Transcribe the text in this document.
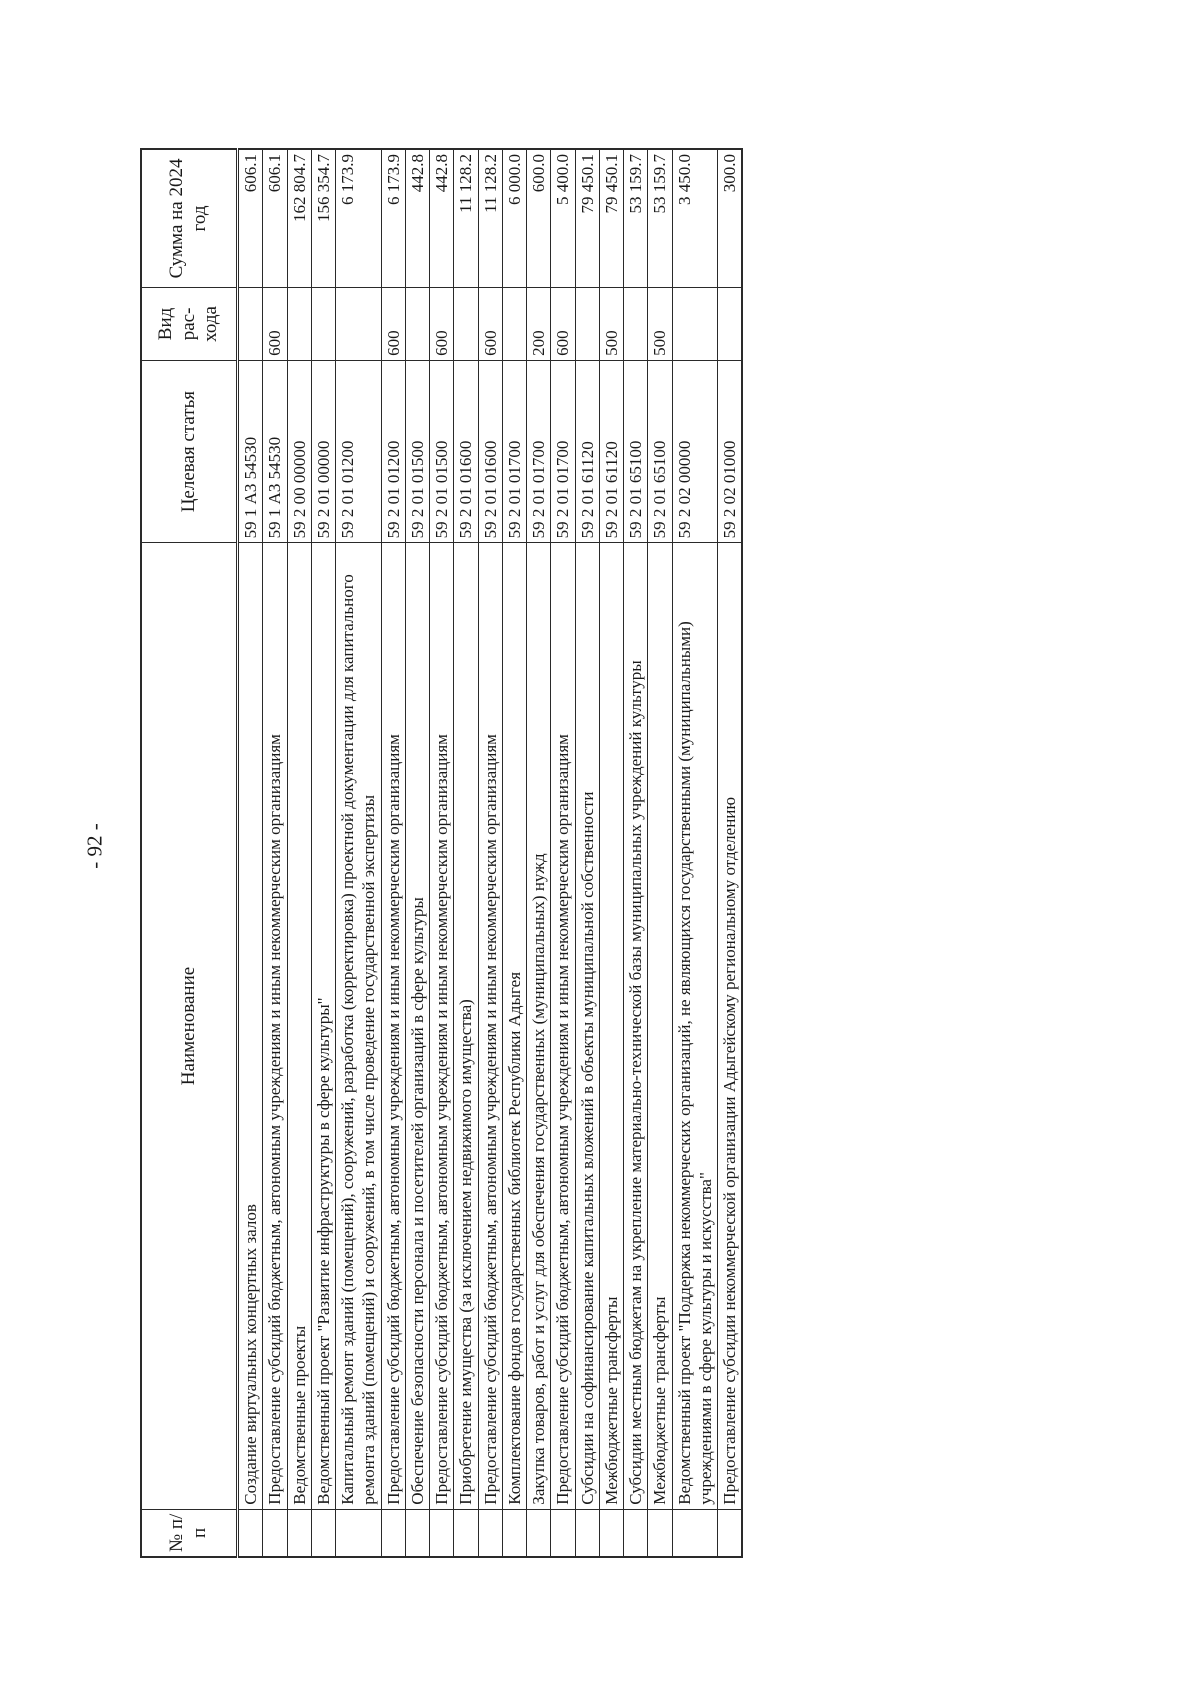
- 92 -
№ п/п	Наименование	Целевая статья	Вид рас- хода	Сумма на 2024 год
	Создание виртуальных концертных залов	59 1 А3 54530		606.1
	Предоставление субсидий бюджетным, автономным учреждениям и иным некоммерческим организациям	59 1 А3 54530	600	606.1
	Ведомственные проекты	59 2 00 00000		162 804.7
	Ведомственный проект "Развитие инфраструктуры в сфере культуры"	59 2 01 00000		156 354.7
	Капитальный ремонт зданий (помещений), сооружений, разработка (корректировка) проектной документации для капитального ремонта зданий (помещений) и сооружений, в том числе проведение государственной экспертизы	59 2 01 01200		6 173.9
	Предоставление субсидий бюджетным, автономным учреждениям и иным некоммерческим организациям	59 2 01 01200	600	6 173.9
	Обеспечение безопасности персонала и посетителей организаций в сфере культуры	59 2 01 01500		442.8
	Предоставление субсидий бюджетным, автономным учреждениям и иным некоммерческим организациям	59 2 01 01500	600	442.8
	Приобретение имущества (за исключением недвижимого имущества)	59 2 01 01600		11 128.2
	Предоставление субсидий бюджетным, автономным учреждениям и иным некоммерческим организациям	59 2 01 01600	600	11 128.2
	Комплектование фондов государственных библиотек Республики Адыгея	59 2 01 01700		6 000.0
	Закупка товаров, работ и услуг для обеспечения государственных (муниципальных) нужд	59 2 01 01700	200	600.0
	Предоставление субсидий бюджетным, автономным учреждениям и иным некоммерческим организациям	59 2 01 01700	600	5 400.0
	Субсидии на софинансирование капитальных вложений в объекты муниципальной собственности	59 2 01 61120		79 450.1
	Межбюджетные трансферты	59 2 01 61120	500	79 450.1
	Субсидии местным бюджетам на укрепление материально-технической базы муниципальных учреждений культуры	59 2 01 65100		53 159.7
	Межбюджетные трансферты	59 2 01 65100	500	53 159.7
	Ведомственный проект "Поддержка некоммерческих организаций, не являющихся государственными (муниципальными) учреждениями в сфере культуры и искусства"	59 2 02 00000		3 450.0
	Предоставление субсидии некоммерческой организации Адыгейскому региональному отделению	59 2 02 01000		300.0
